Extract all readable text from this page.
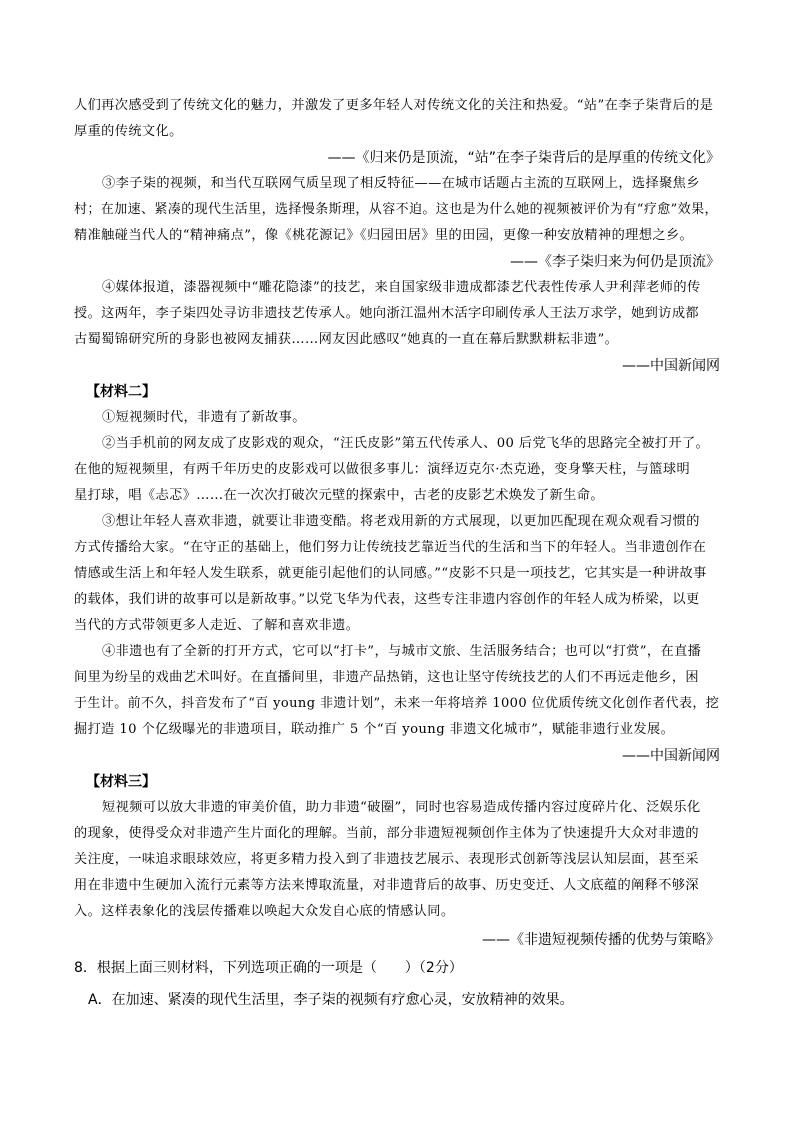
人们再次感受到了传统文化的魅力，并激发了更多年轻人对传统文化的关注和热爱。“站”在李子柒背后的是
厚重的传统文化。
——《归来仍是顶流，“站”在李子柒背后的是厚重的传统文化》
③李子柒的视频，和当代互联网气质呈现了相反特征——在城市话题占主流的互联网上，选择聚焦乡
村；在加速、紧凑的现代生活里，选择慢条斯理，从容不迫。这也是为什么她的视频被评价为有“疗愈”效果，
精准触碰当代人的“精神痛点”，像《桃花源记》《归园田居》里的田园，更像一种安放精神的理想之乡。
——《李子柒归来为何仍是顶流》
④媒体报道，漆器视频中“雕花隐漆”的技艺，来自国家级非遗成都漆艺代表性传承人尹利萍老师的传
授。这两年，李子柒四处寻访非遗技艺传承人。她向浙江温州木活字印刷传承人王法万求学，她到访成都
古蜀蜀锦研究所的身影也被网友捕获……网友因此感叹“她真的一直在幕后默默耕耘非遗”。
——中国新闻网
【材料二】
①短视频时代，非遗有了新故事。
②当手机前的网友成了皮影戏的观众，“汪氏皮影”第五代传承人、00 后党飞华的思路完全被打开了。
在他的短视频里，有两千年历史的皮影戏可以做很多事儿：演绎迈克尔·杰克逊，变身擎天柱，与篮球明
星打球，唱《忐忑》……在一次次打破次元壁的探索中，古老的皮影艺术焕发了新生命。
③想让年轻人喜欢非遗，就要让非遗变酷。将老戏用新的方式展现，以更加匹配现在观众观看习惯的
方式传播给大家。“在守正的基础上，他们努力让传统技艺靠近当代的生活和当下的年轻人。当非遗创作在
情感或生活上和年轻人发生联系，就更能引起他们的认同感。”“皮影不只是一项技艺，它其实是一种讲故事
的载体，我们讲的故事可以是新故事。”以党飞华为代表，这些专注非遗内容创作的年轻人成为桥梁，以更
当代的方式带领更多人走近、了解和喜欢非遗。
④非遗也有了全新的打开方式，它可以“打卡”，与城市文旅、生活服务结合；也可以“打赏”，在直播
间里为纷呈的戏曲艺术叫好。在直播间里，非遗产品热销，这也让坚守传统技艺的人们不再远走他乡，困
于生计。前不久，抖音发布了“百 young 非遗计划”，未来一年将培养 1000 位优质传统文化创作者代表，挖
掘打造 10 个亿级曝光的非遗项目，联动推广 5 个“百 young 非遗文化城市”，赋能非遗行业发展。
——中国新闻网
【材料三】
短视频可以放大非遗的审美价值，助力非遗“破圈”，同时也容易造成传播内容过度碎片化、泛娱乐化
的现象，使得受众对非遗产生片面化的理解。当前，部分非遗短视频创作主体为了快速提升大众对非遗的
关注度，一味追求眼球效应，将更多精力投入到了非遗技艺展示、表现形式创新等浅层认知层面，甚至采
用在非遗中生硬加入流行元素等方法来博取流量，对非遗背后的故事、历史变迁、人文底蕴的阐释不够深
入。这样表象化的浅层传播难以唤起大众发自心底的情感认同。
——《非遗短视频传播的优势与策略》
8．根据上面三则材料，下列选项正确的一项是（　　）（2分）
A．在加速、紧凑的现代生活里，李子柒的视频有疗愈心灵，安放精神的效果。
